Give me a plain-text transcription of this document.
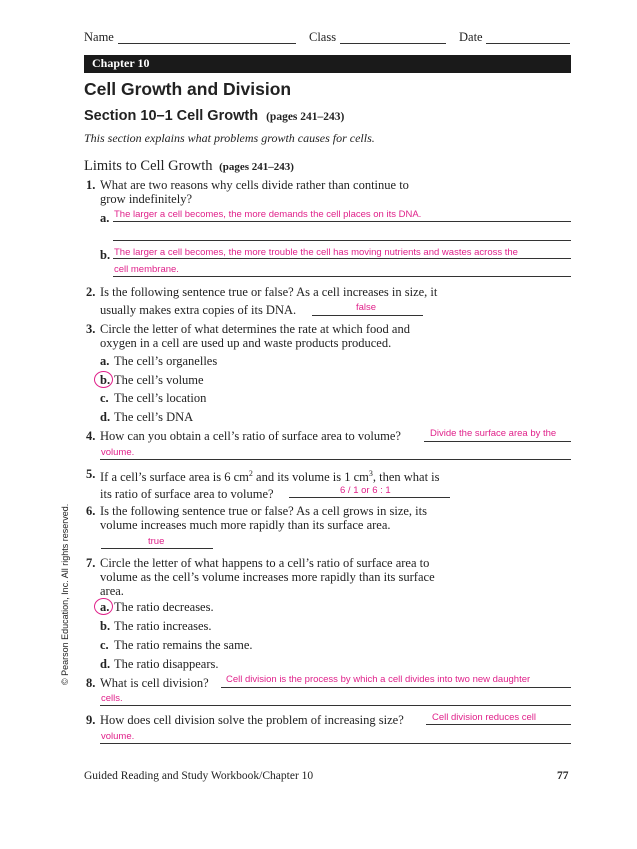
Name	Class	Date
Chapter 10
Cell Growth and Division
Section 10–1 Cell Growth (pages 241–243)
This section explains what problems growth causes for cells.
Limits to Cell Growth (pages 241–243)
1. What are two reasons why cells divide rather than continue to
grow indefinitely?
a. The larger a cell becomes, the more demands the cell places on its DNA.
b. The larger a cell becomes, the more trouble the cell has moving nutrients and wastes across the
cell membrane.
2. Is the following sentence true or false? As a cell increases in size, it
usually makes extra copies of its DNA.	false
3. Circle the letter of what determines the rate at which food and
oxygen in a cell are used up and waste products produced.
a. The cell’s organelles
b. The cell’s volume
c. The cell’s location
d. The cell’s DNA
4. How can you obtain a cell’s ratio of surface area to volume?	Divide the surface area by the
volume.
5. If a cell’s surface area is 6 $cm^2$ and its volume is 1 $cm^3$, then what is
its ratio of surface area to volume?	6 / 1 or 6 : 1
6. Is the following sentence true or false? As a cell grows in size, its
volume increases much more rapidly than its surface area.
true
7. Circle the letter of what happens to a cell’s ratio of surface area to
volume as the cell’s volume increases more rapidly than its surface
area.
a. The ratio decreases.
b. The ratio increases.
c. The ratio remains the same.
d. The ratio disappears.
8. What is cell division? Cell division is the process by which a cell divides into two new daughter
cells.
9. How does cell division solve the problem of increasing size?	Cell division reduces cell
volume.
© Pearson Education, Inc. All rights reserved.
Guided Reading and Study Workbook/Chapter 10	77
